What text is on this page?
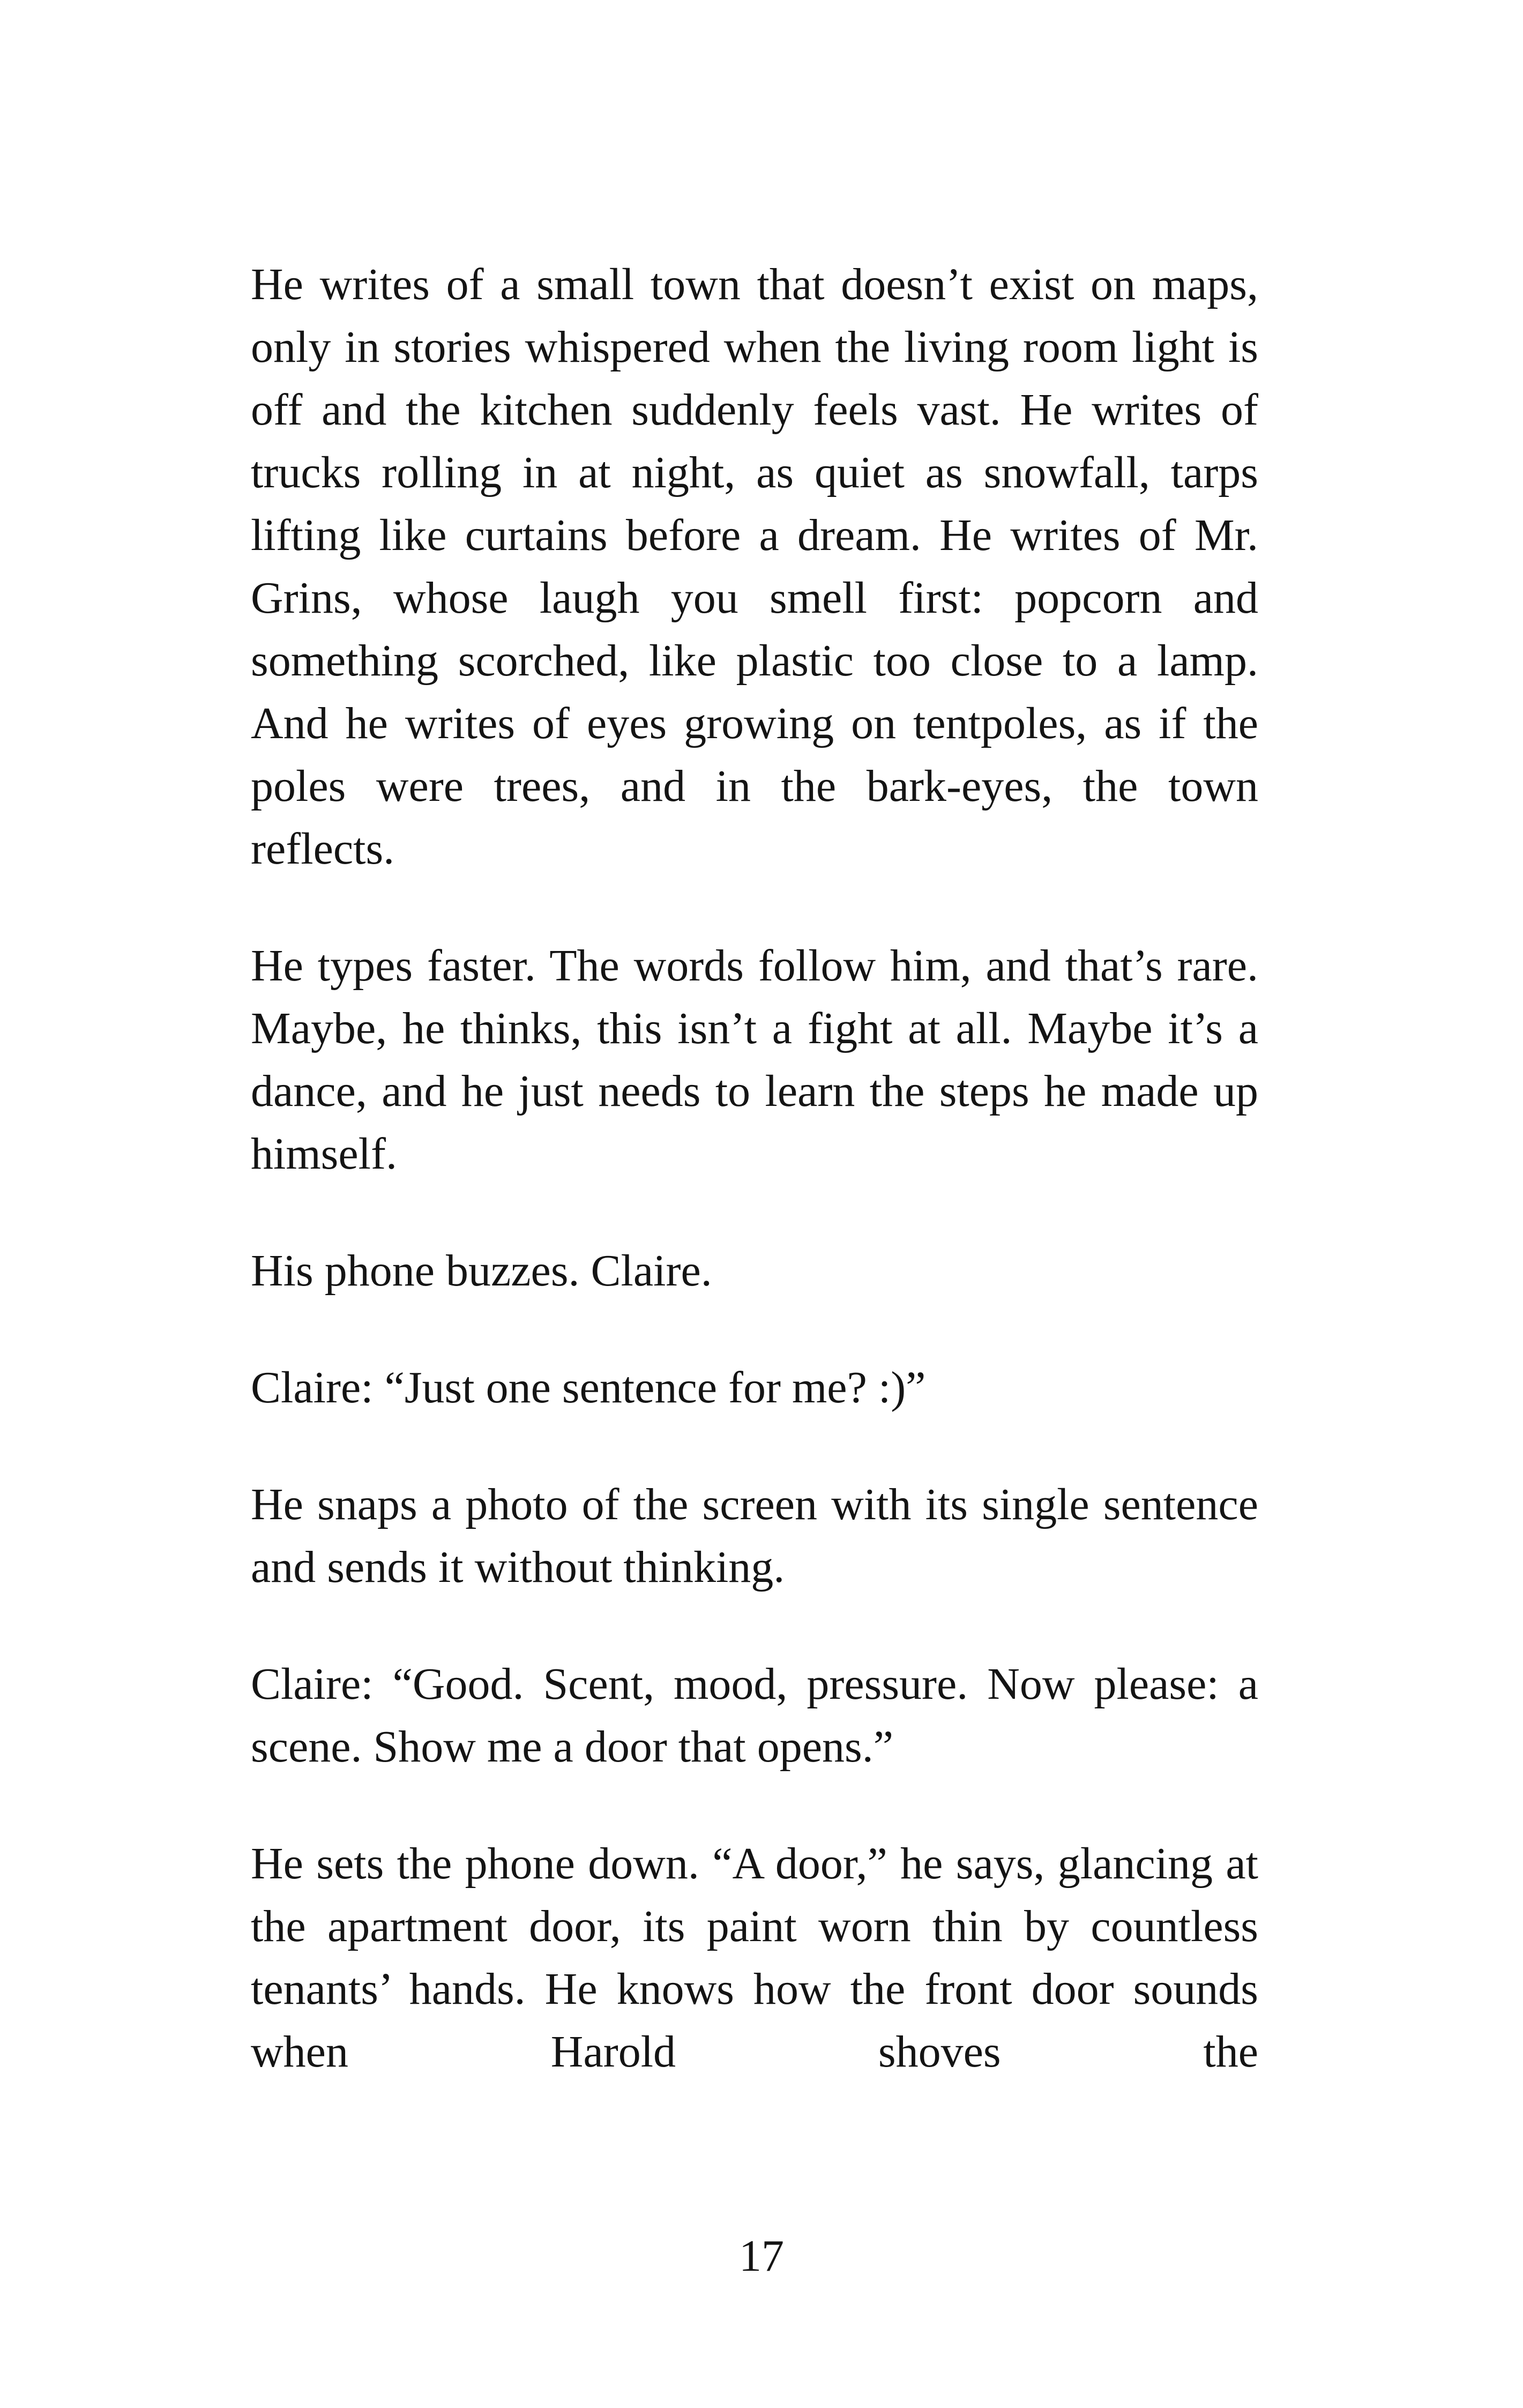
He writes of a small town that doesn’t exist on maps, only in stories whispered when the living room light is off and the kitchen suddenly feels vast. He writes of trucks rolling in at night, as quiet as snowfall, tarps lifting like curtains before a dream. He writes of Mr. Grins, whose laugh you smell first: popcorn and something scorched, like plastic too close to a lamp. And he writes of eyes growing on tentpoles, as if the poles were trees, and in the bark-eyes, the town reflects.

He types faster. The words follow him, and that’s rare. Maybe, he thinks, this isn’t a fight at all. Maybe it’s a dance, and he just needs to learn the steps he made up himself.

His phone buzzes. Claire.

Claire: “Just one sentence for me? :)”

He snaps a photo of the screen with its single sentence and sends it without thinking.

Claire: “Good. Scent, mood, pressure. Now please: a scene. Show me a door that opens.”

He sets the phone down. “A door,” he says, glancing at the apartment door, its paint worn thin by countless tenants’ hands. He knows how the front door sounds when Harold shoves the

17
